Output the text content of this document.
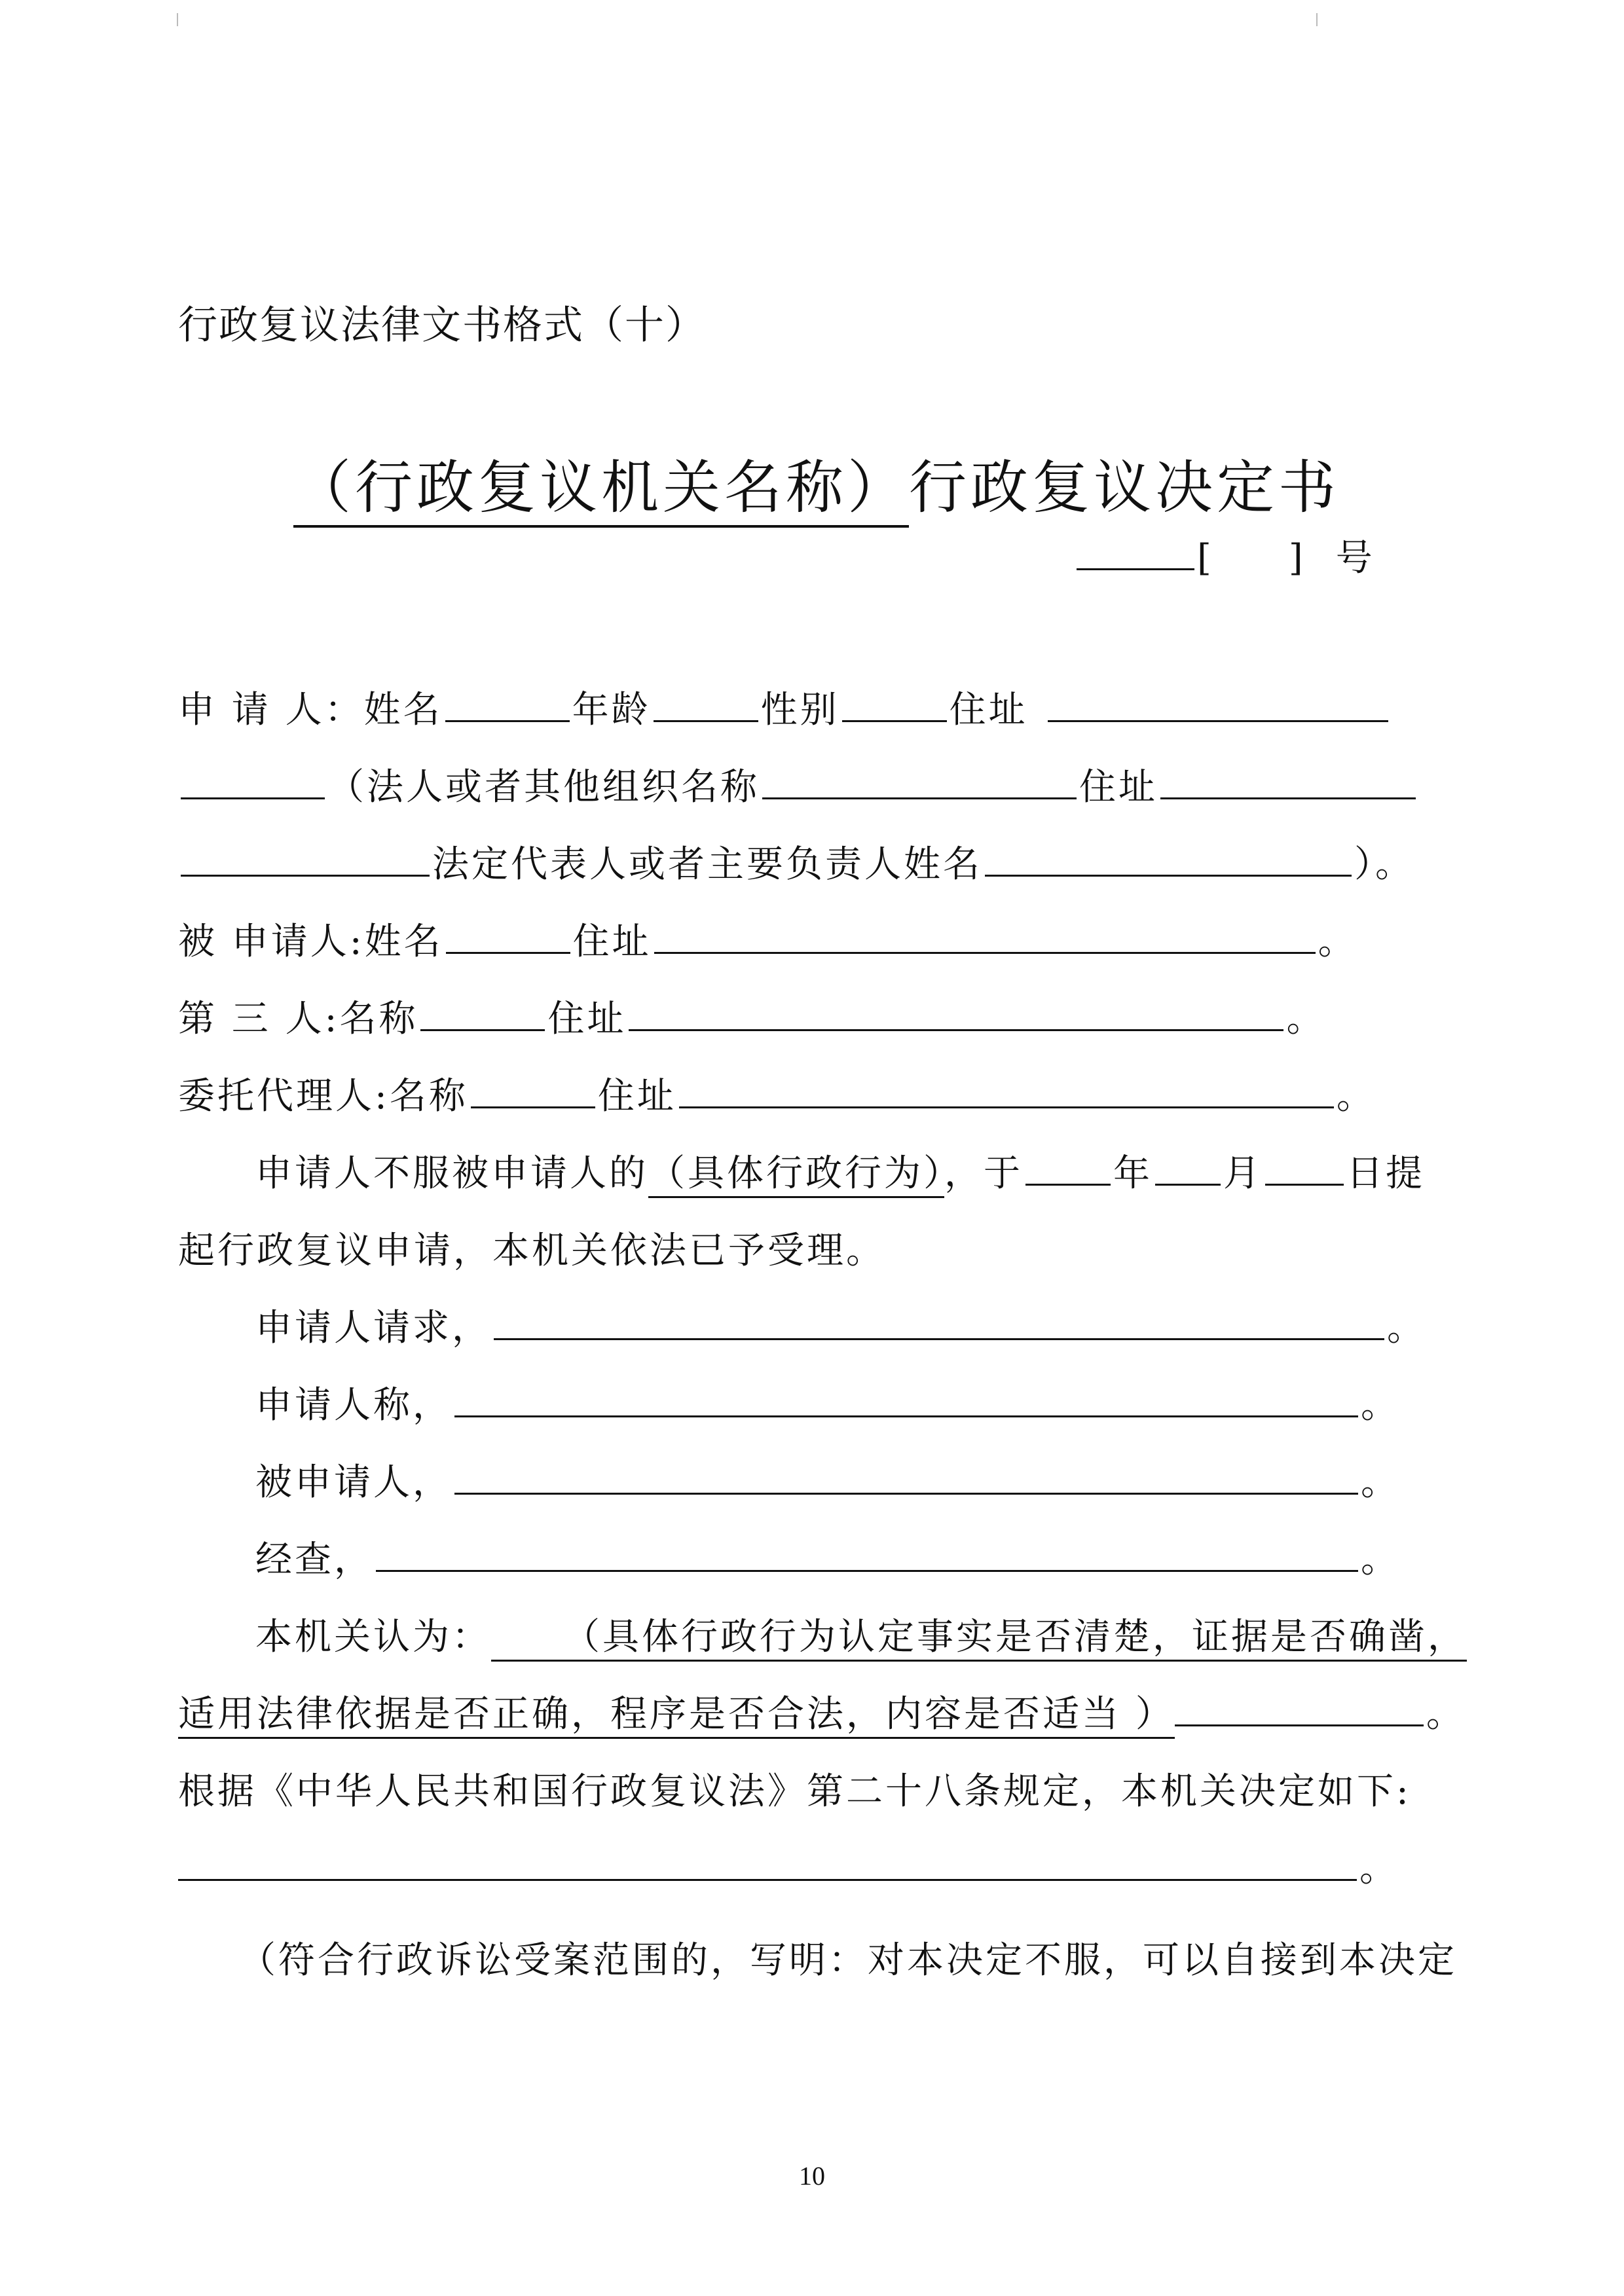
行政复议法律文书格式（十）
（行政复议机关名称）行政复议决定书
[ ] 号
申 请 人：姓名	年龄	性别	住址
（法人或者其他组织名称	住址
法定代表人或者主要负责人姓名	）。
被 申请人:姓名	住址	。
第 三 人:名称	住址	。
委托代理人:名称	住址	。
申请人不服被申请人的（具体行政行为），于 年 月 日提
起行政复议申请，本机关依法已予受理。
申请人请求，	。
申请人称，	。
被申请人，	。
经查，	。
本机关认为： （具体行政行为认定事实是否清楚，证据是否确凿，
适用法律依据是否正确，程序是否合法，内容是否适当 ）	。
根据《中华人民共和国行政复议法》第二十八条规定，本机关决定如下:
。
（符合行政诉讼受案范围的，写明：对本决定不服，可以自接到本决定
10
